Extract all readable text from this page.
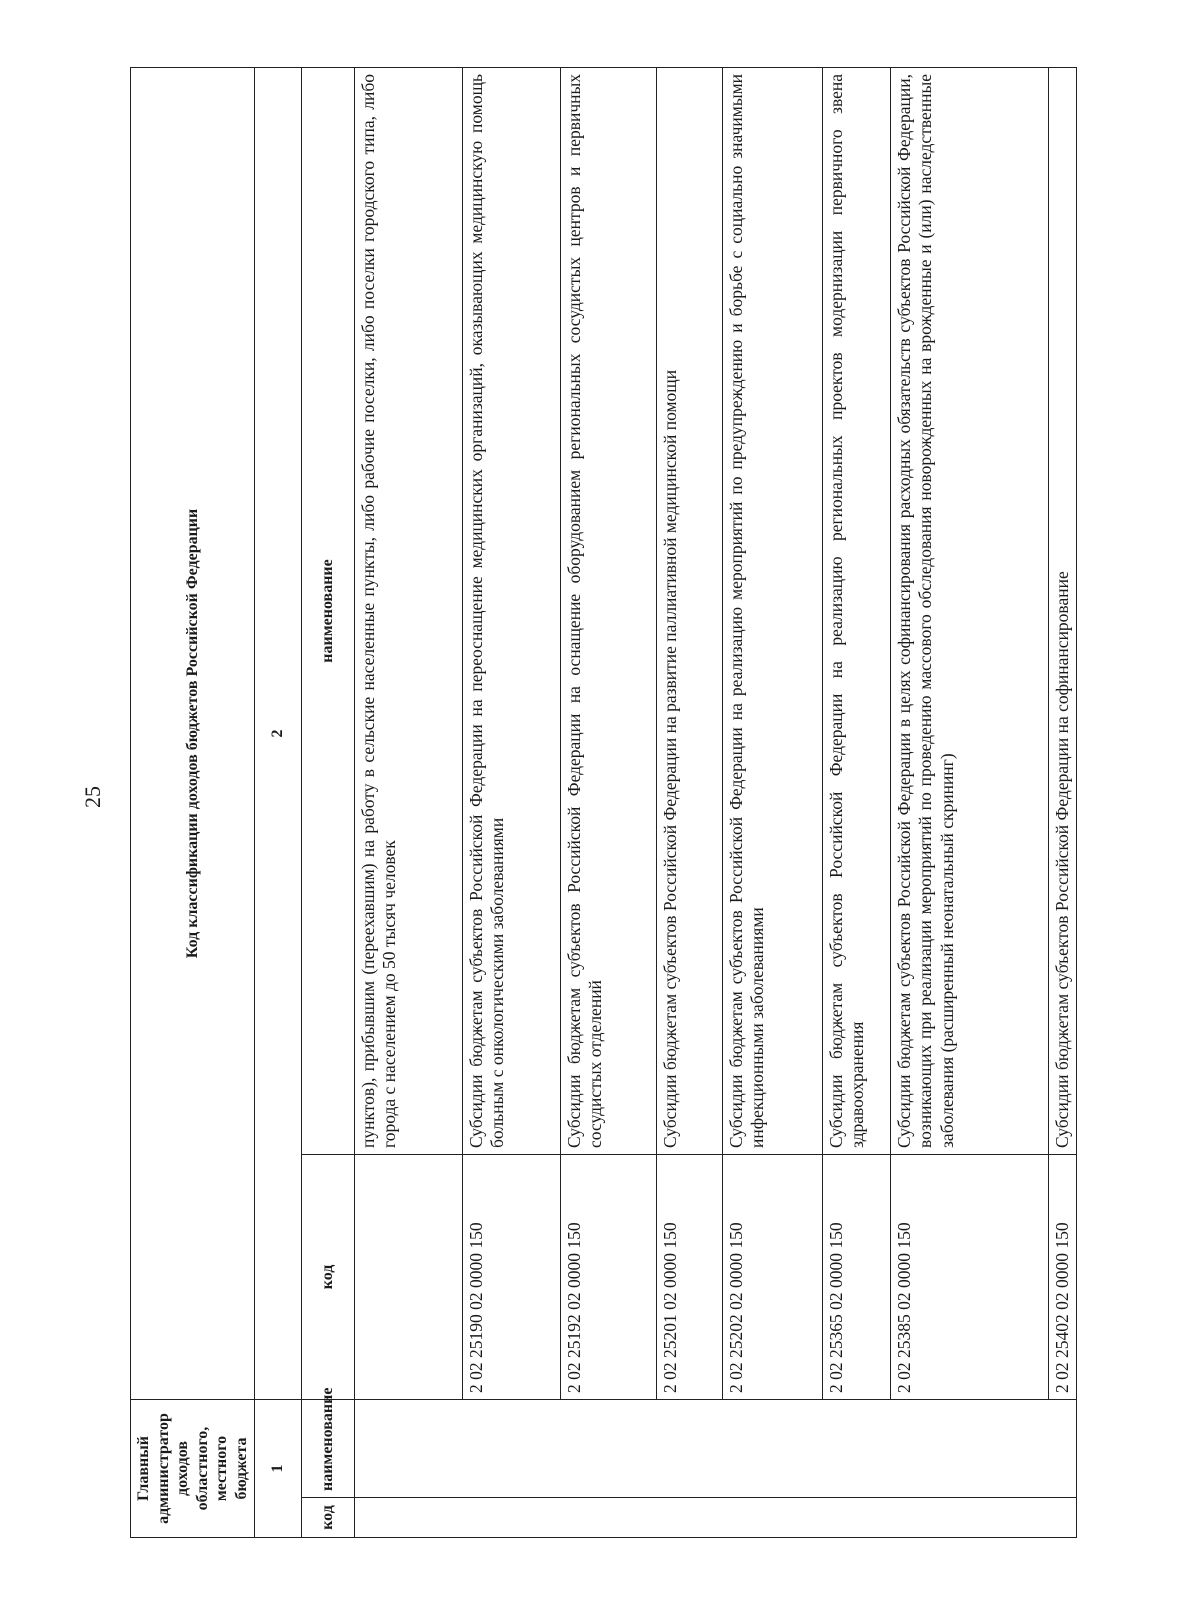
25
Главный администратор доходов областного, местного бюджета		Код классификации доходов бюджетов Российской Федерации	
1		2	
код	наименование	код	наименование
			пунктов), прибывшим (переехавшим) на работу в сельские населенные пункты, либо рабочие поселки, либо поселки городского типа, либо города с населением до 50 тысяч человек
		2 02 25190 02 0000 150	Субсидии бюджетам субъектов Российской Федерации на переоснащение медицинских организаций, оказывающих медицинскую помощь больным с онкологическими заболеваниями
		2 02 25192 02 0000 150	Субсидии бюджетам субъектов Российской Федерации на оснащение оборудованием региональных сосудистых центров и первичных сосудистых отделений
		2 02 25201 02 0000 150	Субсидии бюджетам субъектов Российской Федерации на развитие паллиативной медицинской помощи
		2 02 25202 02 0000 150	Субсидии бюджетам субъектов Российской Федерации на реализацию мероприятий по предупреждению и борьбе с социально значимыми инфекционными заболеваниями
		2 02 25365 02 0000 150	Субсидии бюджетам субъектов Российской Федерации на реализацию региональных проектов модернизации первичного звена здравоохранения
		2 02 25385 02 0000 150	Субсидии бюджетам субъектов Российской Федерации в целях софинансирования расходных обязательств субъектов Российской Федерации, возникающих при реализации мероприятий по проведению массового обследования новорожденных на врожденные и (или) наследственные заболевания (расширенный неонатальный скрининг)
		2 02 25402 02 0000 150	Субсидии бюджетам субъектов Российской Федерации на софинансирование
